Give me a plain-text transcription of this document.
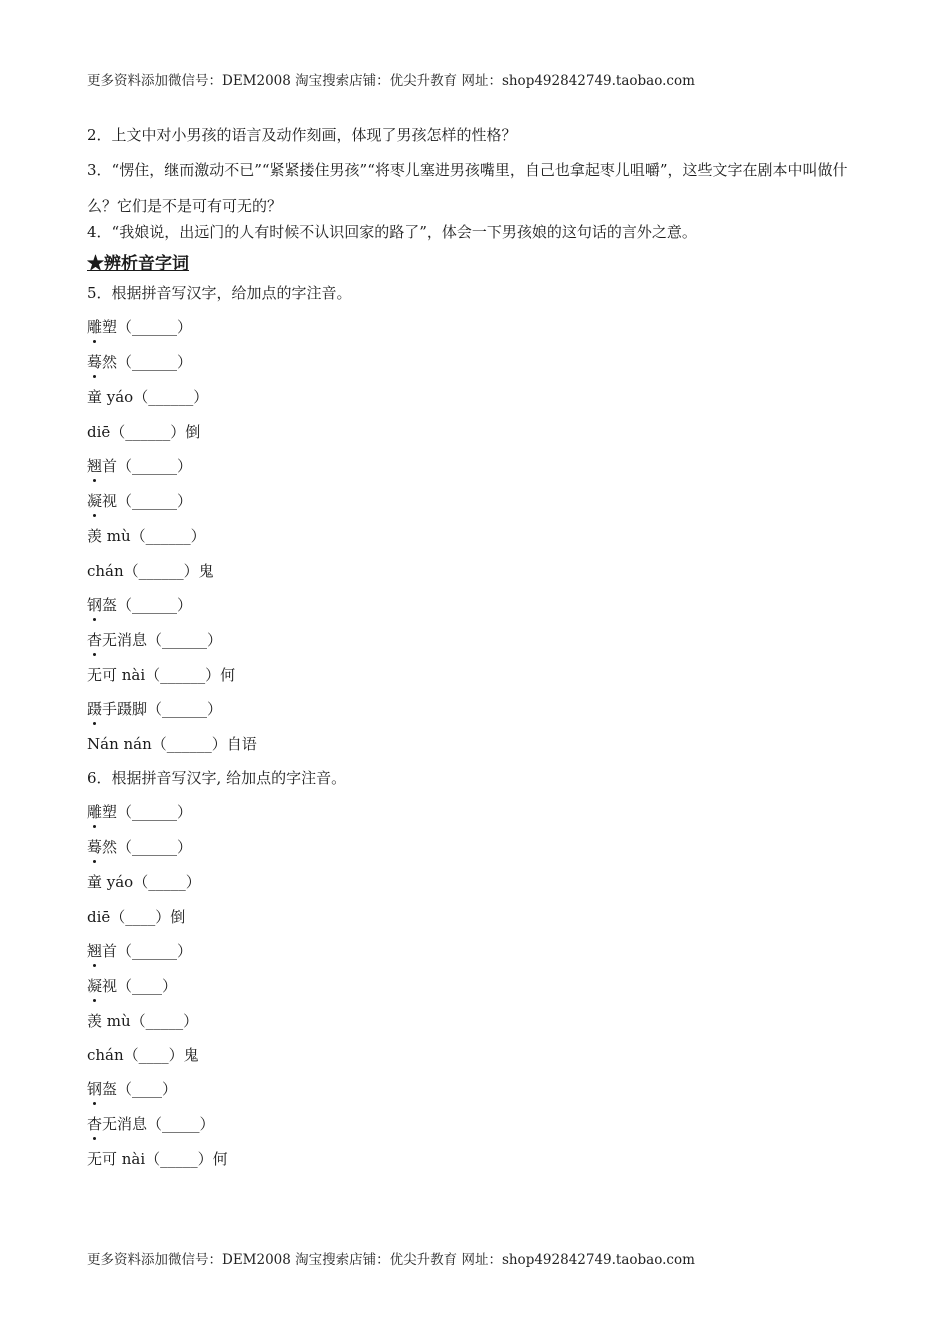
更多资料添加微信号：DEM2008 淘宝搜索店铺：优尖升教育 网址：shop492842749.taobao.com

2．上文中对小男孩的语言及动作刻画，体现了男孩怎样的性格？

3．“愣住，继而激动不已”“紧紧搂住男孩”“将枣儿塞进男孩嘴里，自己也拿起枣儿咀嚼”，这些文字在剧本中叫做什么？它们是不是可有可无的？

4．“我娘说，出远门的人有时候不认识回家的路了”，体会一下男孩娘的这句话的言外之意。

★辨析音字词

5．根据拼音写汉字，给加点的字注音。

雕塑（______）
蓦然（______）
童 yáo（______）
diē（______）倒
翘首（______）
凝视（______）
羡 mù（______）
chán（______）鬼
钢盔（______）
杳无消息（______）
无可 nài（______）何
蹑手蹑脚（______）
Nán nán（______）自语

6．根据拼音写汉字, 给加点的字注音。

雕塑（______）
蓦然（______）
童 yáo（_____）
diē（____）倒
翘首（______）
凝视（____）
羡 mù（_____）
chán（____）鬼
钢盔（____）
杳无消息（_____）
无可 nài（_____）何
更多资料添加微信号：DEM2008 淘宝搜索店铺：优尖升教育 网址：shop492842749.taobao.com
